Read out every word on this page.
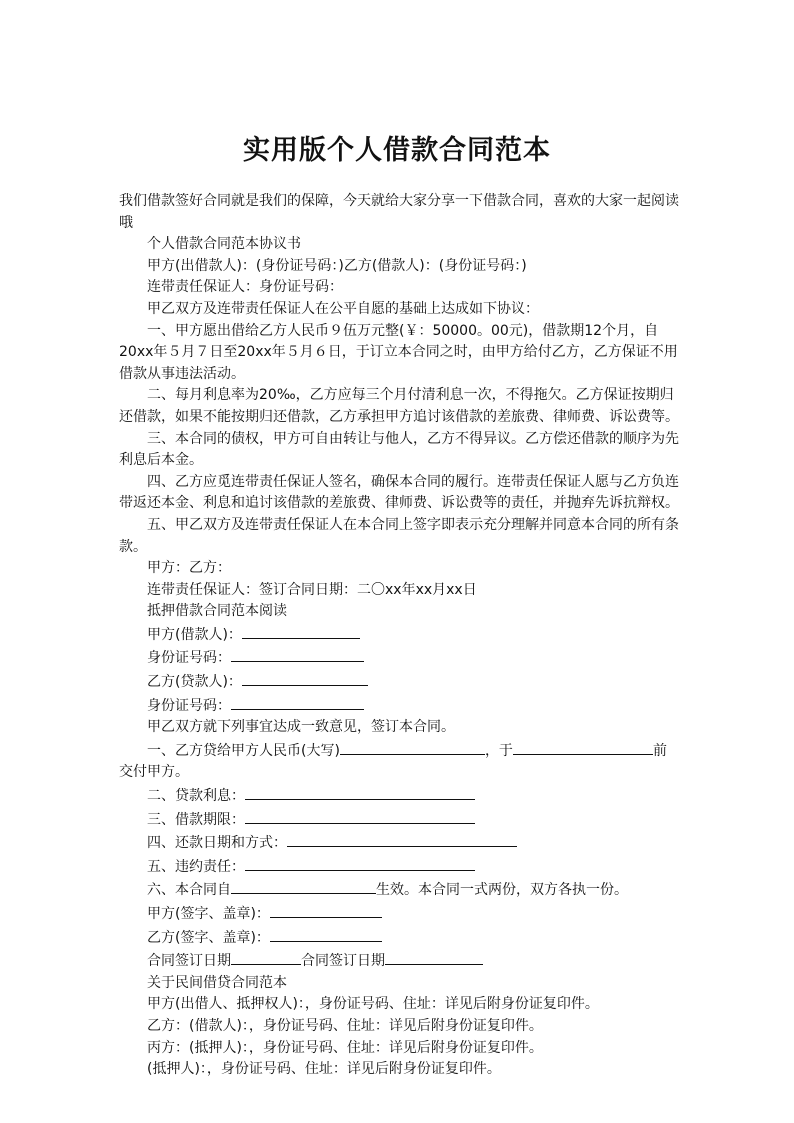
实用版个人借款合同范本

我们借款签好合同就是我们的保障，今天就给大家分享一下借款合同，喜欢的大家一起阅读哦

个人借款合同范本协议书

甲方(出借款人)：(身份证号码：)乙方(借款人)：(身份证号码：)

连带责任保证人：身份证号码：

甲乙双方及连带责任保证人在公平自愿的基础上达成如下协议：

一、甲方愿出借给乙方人民币９伍万元整(￥：50000。00元)，借款期12个月，自20xx年５月７日至20xx年５月６日，于订立本合同之时，由甲方给付乙方，乙方保证不用借款从事违法活动。

二、每月利息率为20‰，乙方应每三个月付清利息一次，不得拖欠。乙方保证按期归还借款，如果不能按期归还借款，乙方承担甲方追讨该借款的差旅费、律师费、诉讼费等。

三、本合同的债权，甲方可自由转让与他人，乙方不得异议。乙方偿还借款的顺序为先利息后本金。

四、乙方应觅连带责任保证人签名，确保本合同的履行。连带责任保证人愿与乙方负连带返还本金、利息和追讨该借款的差旅费、律师费、诉讼费等的责任，并抛弃先诉抗辩权。

五、甲乙双方及连带责任保证人在本合同上签字即表示充分理解并同意本合同的所有条款。

甲方：乙方：

连带责任保证人：签订合同日期：二〇xx年xx月xx日

抵押借款合同范本阅读

甲方(借款人)：

身份证号码：

乙方(贷款人)：

身份证号码：

甲乙双方就下列事宜达成一致意见，签订本合同。

一、乙方贷给甲方人民币(大写)	，于	前交付甲方。

二、贷款利息：

三、借款期限：

四、还款日期和方式：

五、违约责任：

六、本合同自	生效。本合同一式两份，双方各执一份。

甲方(签字、盖章)：

乙方(签字、盖章)：

合同签订日期	合同签订日期

关于民间借贷合同范本

甲方(出借人、抵押权人)：，身份证号码、住址：详见后附身份证复印件。

乙方：(借款人)：，身份证号码、住址：详见后附身份证复印件。

丙方：(抵押人)：，身份证号码、住址：详见后附身份证复印件。

(抵押人)：，身份证号码、住址：详见后附身份证复印件。
